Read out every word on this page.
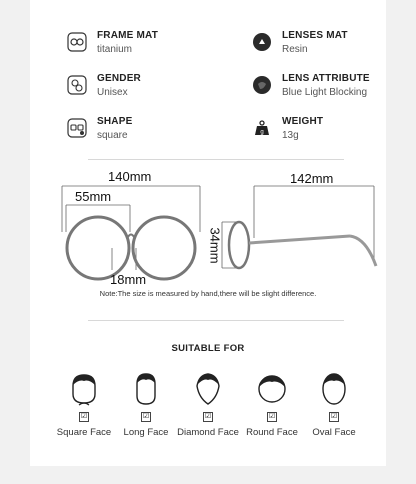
FRAME MAT
titanium
LENSES MAT
Resin
GENDER
Unisex
LENS ATTRIBUTE
Blue Light Blocking
SHAPE
square	g
WEIGHT
13g
140mm
55mm
18mm
34mm
142mm
Note:The size is measured by hand,there will be slight difference.
SUITABLE FOR
☑
Square Face
☑
Long Face
☑
Diamond Face
☑
Round Face
☑
Oval Face
